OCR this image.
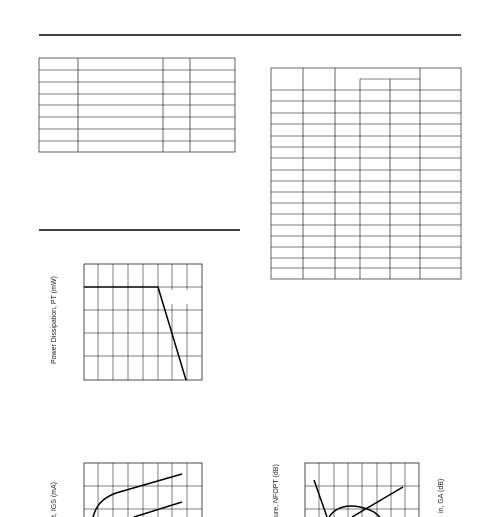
Power Dissipation, PT (mW)
t, IGS (mA)	ure, NFOPT (dB)	in, GA (dB)
